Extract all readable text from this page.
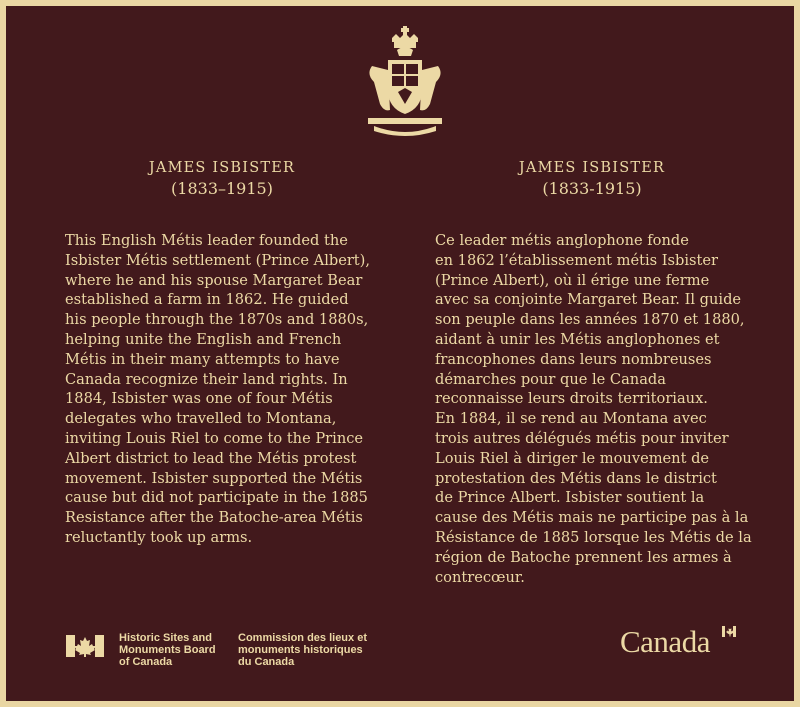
JAMES ISBISTER
(1833–1915)
JAMES ISBISTER
(1833-1915)
This English Métis leader founded the
Isbister Métis settlement (Prince Albert),
where he and his spouse Margaret Bear
established a farm in 1862. He guided
his people through the 1870s and 1880s,
helping unite the English and French
Métis in their many attempts to have
Canada recognize their land rights. In
1884, Isbister was one of four Métis
delegates who travelled to Montana,
inviting Louis Riel to come to the Prince
Albert district to lead the Métis protest
movement. Isbister supported the Métis
cause but did not participate in the 1885
Resistance after the Batoche-area Métis
reluctantly took up arms.
Ce leader métis anglophone fonde
en 1862 l’établissement métis Isbister
(Prince Albert), où il érige une ferme
avec sa conjointe Margaret Bear. Il guide
son peuple dans les années 1870 et 1880,
aidant à unir les Métis anglophones et
francophones dans leurs nombreuses
démarches pour que le Canada
reconnaisse leurs droits territoriaux.
En 1884, il se rend au Montana avec
trois autres délégués métis pour inviter
Louis Riel à diriger le mouvement de
protestation des Métis dans le district
de Prince Albert. Isbister soutient la
cause des Métis mais ne participe pas à la
Résistance de 1885 lorsque les Métis de la
région de Batoche prennent les armes à
contrecœur.
Historic Sites and
Monuments Board
of Canada
Commission des lieux et
monuments historiques
du Canada
Canada
